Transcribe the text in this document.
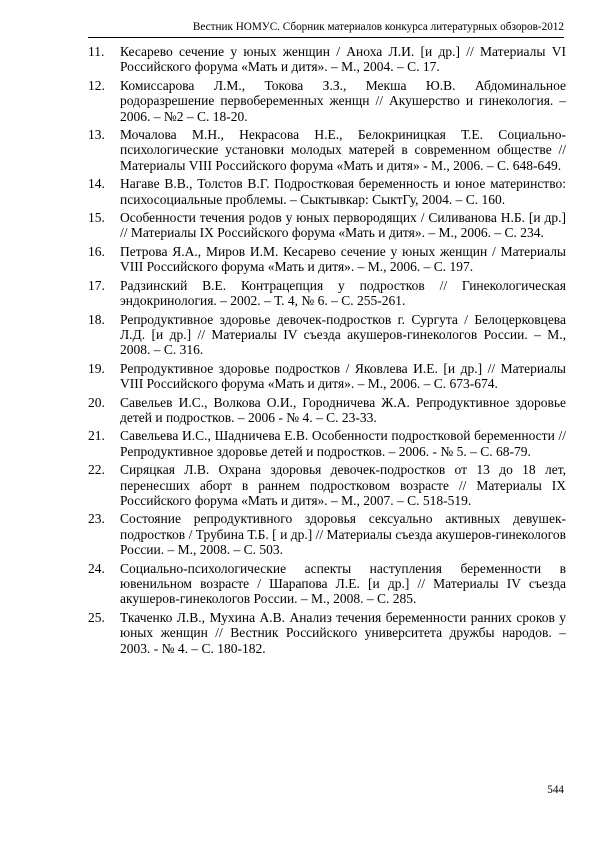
Вестник НОМУС. Сборник материалов конкурса литературных обзоров-2012
11.	Кесарево сечение у юных женщин / Аноха Л.И. [и др.] // Материалы VI Российского форума «Мать и дитя». – М., 2004. – С. 17.
12.	Комиссарова Л.М., Токова З.З., Мекша Ю.В. Абдоминальное родоразрешение первобеременных женщн // Акушерство и гинекология. – 2006. – №2 – С. 18-20.
13.	Мочалова М.Н., Некрасова Н.Е., Белокриницкая Т.Е. Социально-психологические установки молодых матерей в современном обществе // Материалы VIII Российского форума «Мать и дитя» - М., 2006. – С. 648-649.
14.	Нагаве В.В., Толстов В.Г. Подростковая беременность и юное материнство: психосоциальные проблемы. – Сыктывкар: СыктГу, 2004. – С. 160.
15.	Особенности течения родов у юных первородящих / Силиванова Н.Б. [и др.] // Материалы IX Российского форума «Мать и дитя». – М., 2006. – С. 234.
16.	Петрова Я.А., Миров И.М. Кесарево сечение у юных женщин / Материалы VIII Российского форума «Мать и дитя». – М., 2006. – С. 197.
17.	Радзинский В.Е. Контрацепция у подростков // Гинекологическая эндокринология. – 2002. – Т. 4, № 6. – С. 255-261.
18.	Репродуктивное здоровье девочек-подростков г. Сургута / Белоцерковцева Л.Д. [и др.] // Материалы IV съезда акушеров-гинекологов России. – М., 2008. – С. 316.
19.	Репродуктивное здоровье подростков / Яковлева И.Е. [и др.] // Материалы VIII Российского форума «Мать и дитя». – М., 2006. – С. 673-674.
20.	Савельев И.С., Волкова О.И., Городничева Ж.А. Репродуктивное здоровье детей и подростков. – 2006 - № 4. – С. 23-33.
21.	Савельева И.С., Шадничева Е.В. Особенности подростковой беременности // Репродуктивное здоровье детей и подростков. – 2006. - № 5. – С. 68-79.
22.	Сиряцкая Л.В. Охрана здоровья девочек-подростков от 13 до 18 лет, перенесших аборт в раннем подростковом возрасте // Материалы IX Российского форума «Мать и дитя». – М., 2007. – С. 518-519.
23.	Состояние репродуктивного здоровья сексуально активных девушек-подростков / Трубина Т.Б. [ и др.] // Материалы съезда акушеров-гинекологов России. – М., 2008. – С. 503.
24.	Социально-психологические аспекты наступления беременности в ювенильном возрасте / Шарапова Л.Е. [и др.] // Материалы IV съезда акушеров-гинекологов России. – М., 2008. – С. 285.
25.	Ткаченко Л.В., Мухина А.В. Анализ течения беременности ранних сроков у юных женщин // Вестник Российского университета дружбы народов. – 2003. - № 4. – С. 180-182.
544
